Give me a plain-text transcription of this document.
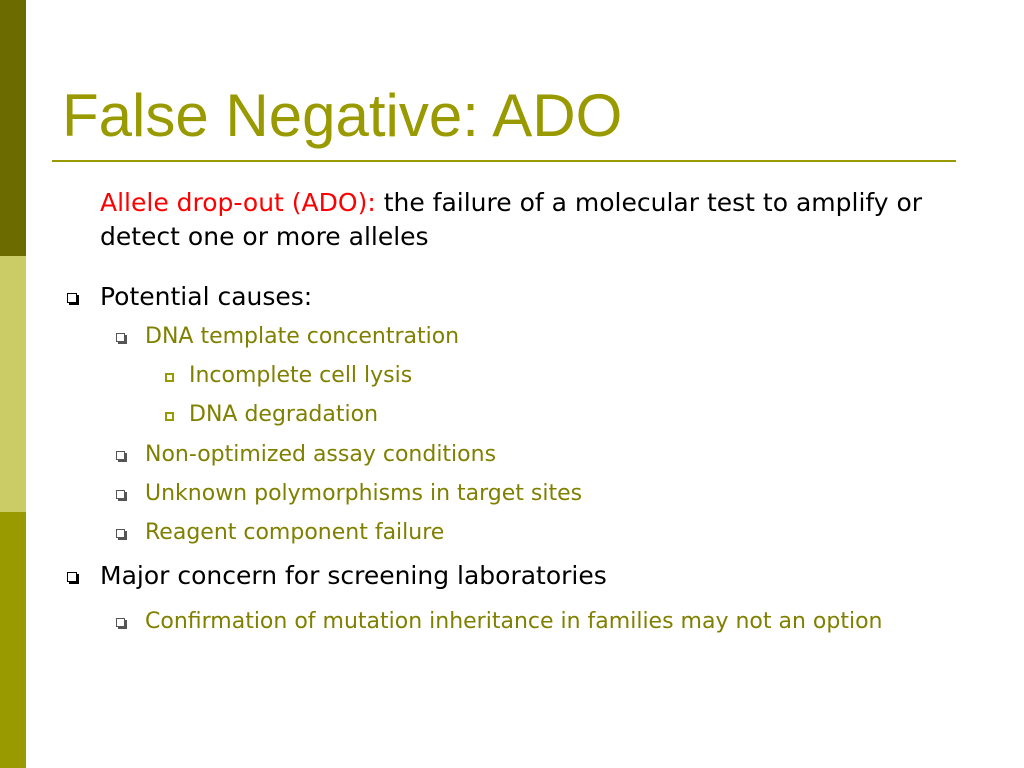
False Negative: ADO
Allele drop-out (ADO): the failure of a molecular test to amplify or detect one or more alleles
Potential causes:
DNA template concentration
Incomplete cell lysis
DNA degradation
Non-optimized assay conditions
Unknown polymorphisms in target sites
Reagent component failure
Major concern for screening laboratories
Confirmation of mutation inheritance in families may not an option
